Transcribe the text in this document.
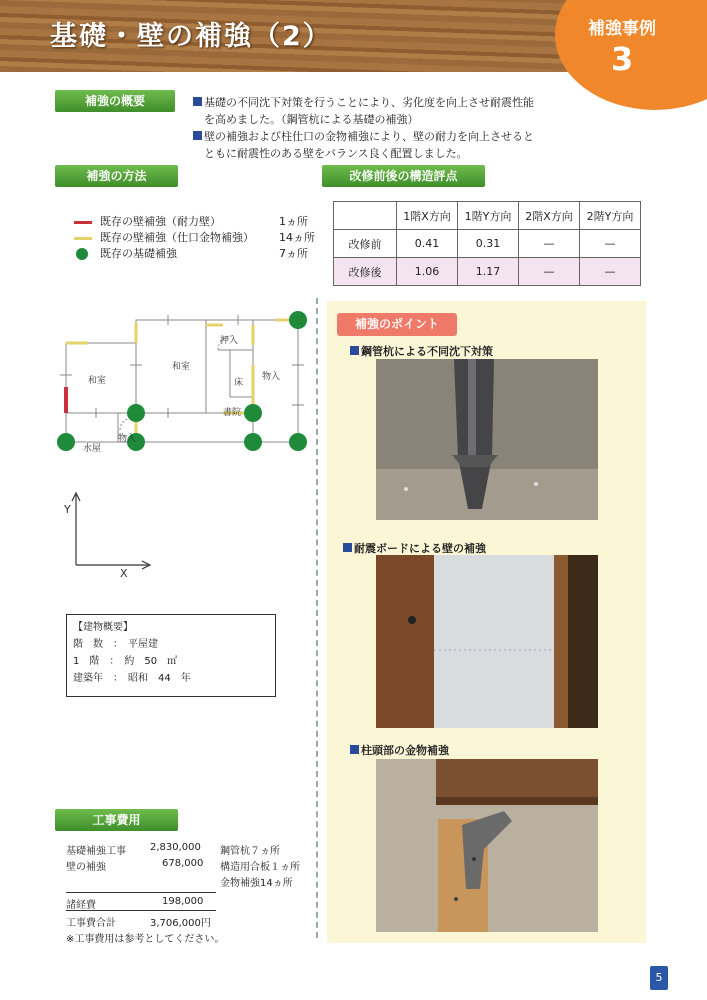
基礎・壁の補強（2）	補強事例
3
補強の概要	基礎の不同沈下対策を行うことにより、劣化度を向上させ耐震性能
を高めました。（鋼管杭による基礎の補強）
壁の補強および柱仕口の金物補強により、壁の耐力を向上させると
ともに耐震性のある壁をバランス良く配置しました。
補強の方法
既存の壁補強（耐力壁）	1ヵ所
既存の壁補強（仕口金物補強） 14ヵ所
既存の基礎補強	7ヵ所
和室
和室
押入
床
物入
書院
水屋
物入
Y
X
【建物概要】
階　数　：　平屋建
1　階　：　約　50　㎡
建築年　：　昭和　44　年
工事費用
基礎補強工事 2,830,000 鋼管杭７ヵ所
壁の補強	678,000 構造用合板１ヵ所
金物補強14ヵ所
諸経費	198,000
工事費合計	3,706,000円
※工事費用は参考としてください。
改修前後の構造評点
	1階X方向	1階Y方向	2階X方向	2階Y方向
改修前	0.41	0.31	—	—
改修後	1.06	1.17	—	—
補強のポイント
鋼管杭による不同沈下対策
耐震ボードによる壁の補強
柱頭部の金物補強
5
